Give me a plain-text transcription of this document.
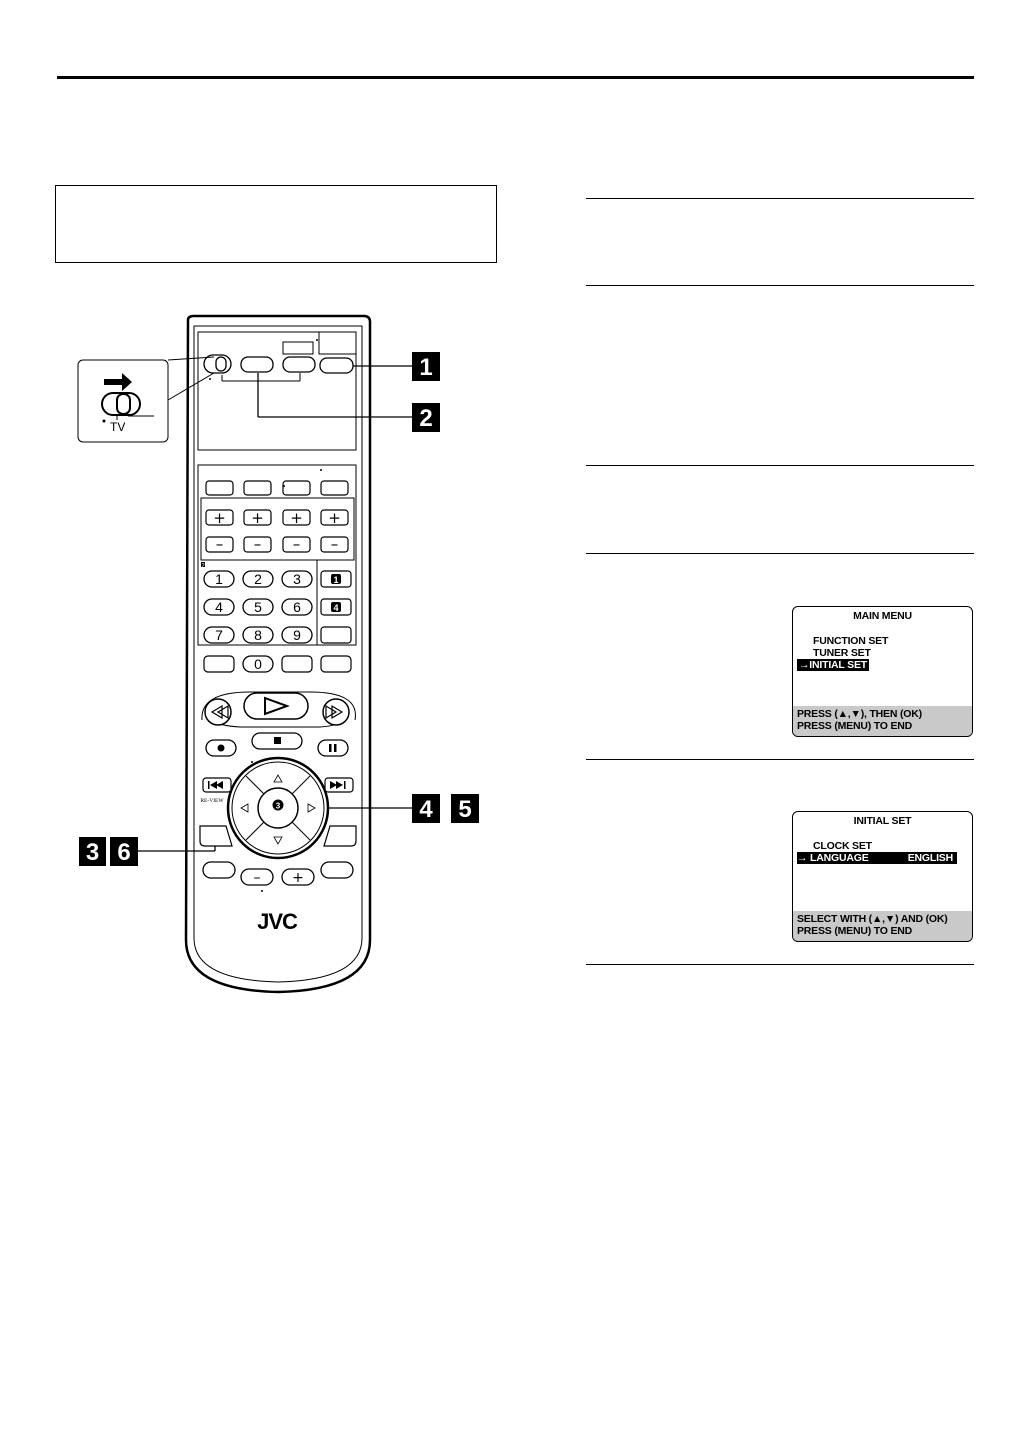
TV
+ + + +
– – – –
2
1 2 3
4 5 6
7 8 9
0
1
4
3
RE-VIEW
– +
JVC
1
2
3 6
4 5
MAIN MENU
FUNCTION SET
TUNER SET
→INITIAL SET
PRESS (▲,▼), THEN (OK)
PRESS (MENU) TO END
INITIAL SET
CLOCK SET
→ LANGUAGE	ENGLISH
SELECT WITH (▲,▼) AND (OK)
PRESS (MENU) TO END
